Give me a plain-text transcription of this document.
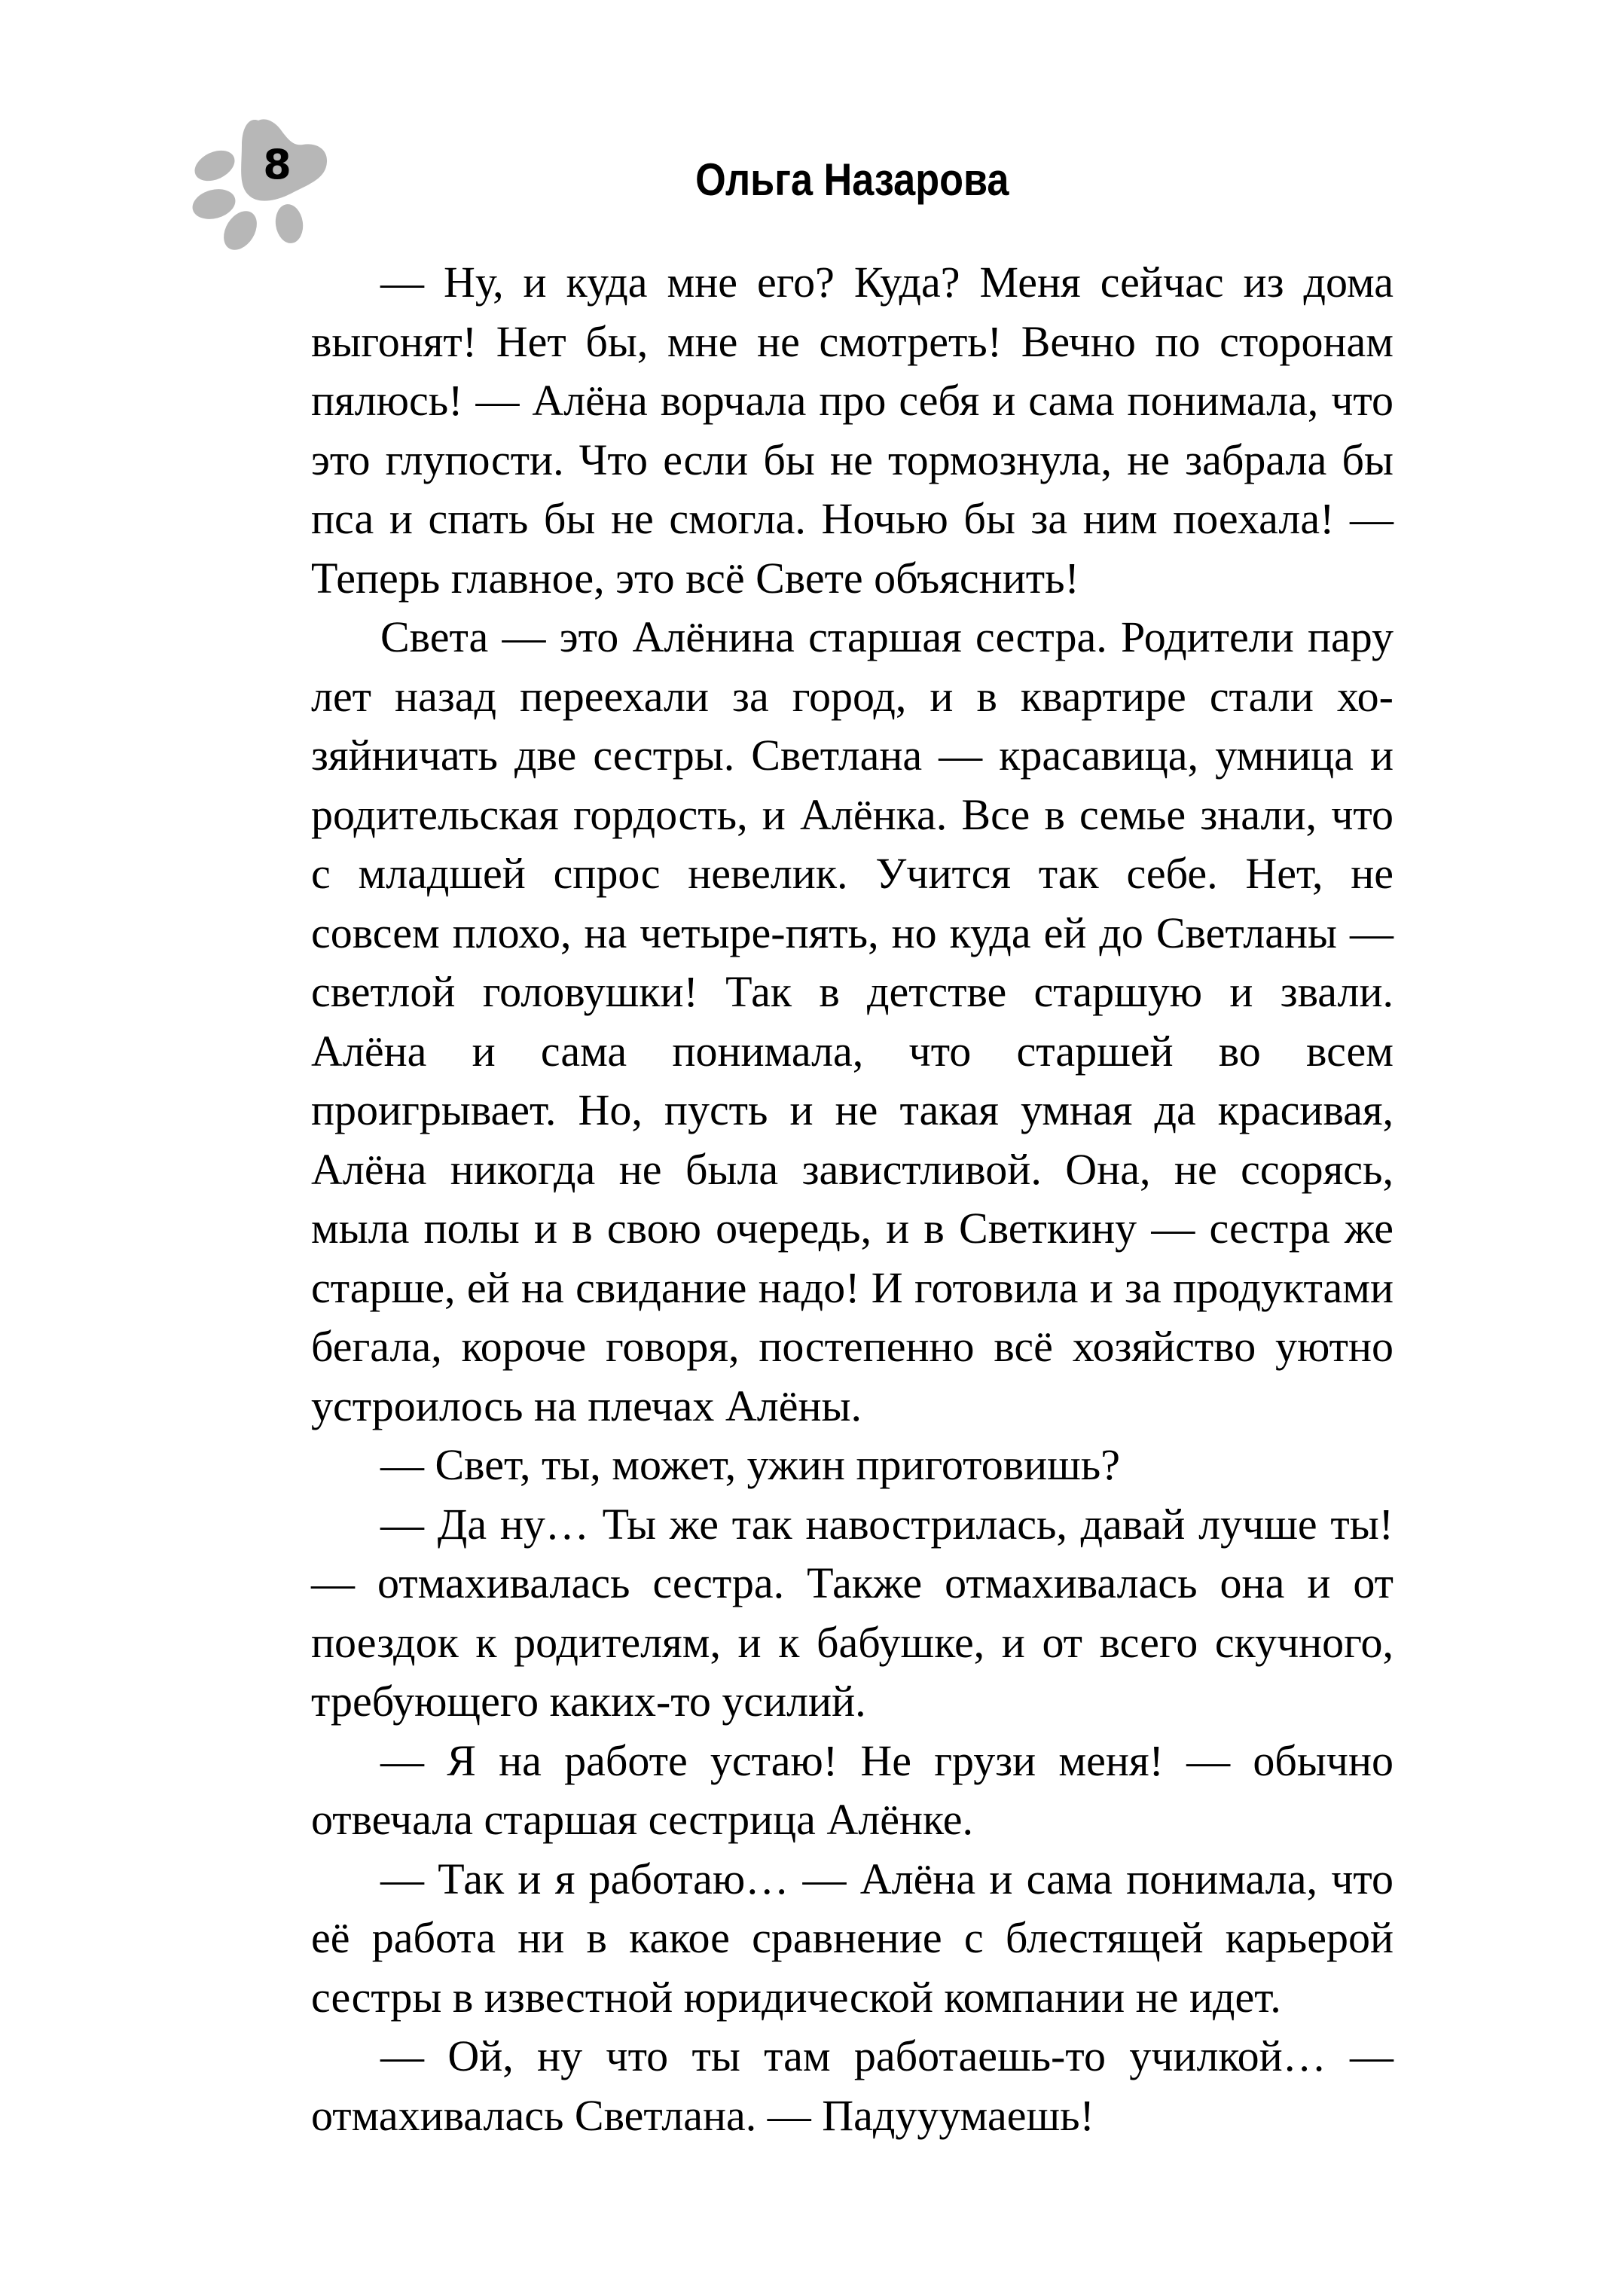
8	Ольга Назарова

— Ну, и куда мне его? Куда? Меня сейчас из дома выгонят! Нет бы, мне не смотреть! Вечно по сторонам пялюсь! — Алёна ворчала про себя и сама понимала, что это глупости. Что если бы не тормознула, не забрала бы пса и спать бы не смогла. Ночью бы за ним поехала! — Теперь главное, это всё Свете объяснить!

Света — это Алёнина старшая сестра. Родители пару лет назад переехали за город, и в квартире стали хозяйничать две сестры. Светлана — красавица, умница и родительская гордость, и Алёнка. Все в семье знали, что с младшей спрос невелик. Учится так себе. Нет, не совсем плохо, на четыре-пять, но куда ей до Светланы — светлой головушки! Так в детстве старшую и звали. Алёна и сама понимала, что старшей во всем проигрывает. Но, пусть и не такая умная да красивая, Алёна никогда не была завистливой. Она, не ссорясь, мыла полы и в свою очередь, и в Светкину — сестра же старше, ей на свидание надо! И готовила и за продуктами бегала, короче говоря, постепенно всё хозяйство уютно устроилось на плечах Алёны.

— Свет, ты, может, ужин приготовишь?

— Да ну… Ты же так навострилась, давай лучше ты! — отмахивалась сестра. Также отмахивалась она и от поездок к родителям, и к бабушке, и от всего скучного, требующего каких-то усилий.

— Я на работе устаю! Не грузи меня! — обычно отвечала старшая сестрица Алёнке.

— Так и я работаю… — Алёна и сама понимала, что её работа ни в какое сравнение с блестящей карьерой сестры в известной юридической компании не идет.

— Ой, ну что ты там работаешь-то училкой… — отмахивалась Светлана. — Падууумаешь!
